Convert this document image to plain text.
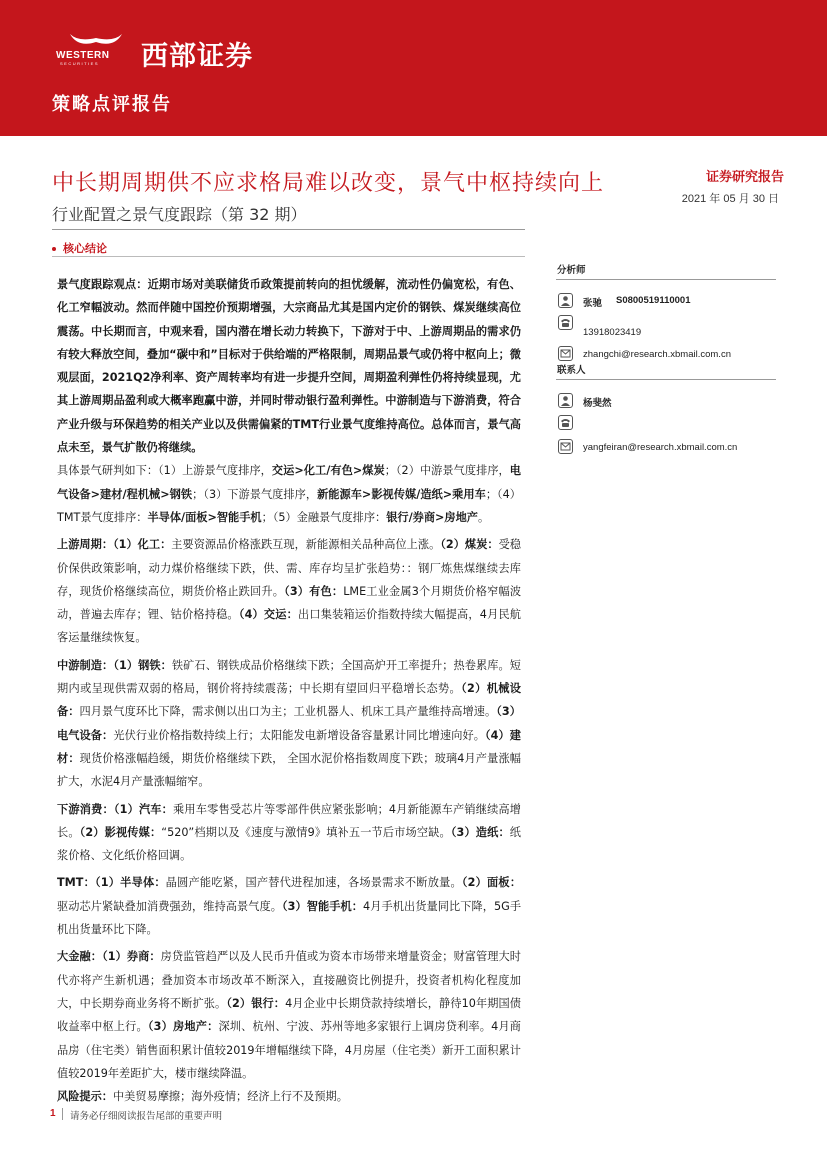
WESTERN
SECURITIES 西部证券
策略点评报告
中长期周期供不应求格局难以改变，景气中枢持续向上
行业配置之景气度跟踪（第 32 期）
证券研究报告
2021 年 05 月 30 日
核心结论

景气度跟踪观点：近期市场对美联储货币政策提前转向的担忧缓解，流动性仍偏宽松，有色、化工窄幅波动。然而伴随中国控价预期增强，大宗商品尤其是国内定价的钢铁、煤炭继续高位震荡。中长期而言，中观来看，国内潜在增长动力转换下，下游对于中、上游周期品的需求仍有较大释放空间，叠加“碳中和”目标对于供给端的严格限制，周期品景气或仍将中枢向上；微观层面，2021Q2净利率、资产周转率均有进一步提升空间，周期盈利弹性仍将持续显现，尤其上游周期品盈利或大概率跑赢中游，并同时带动银行盈利弹性。中游制造与下游消费，符合产业升级与环保趋势的相关产业以及供需偏紧的TMT行业景气度维持高位。总体而言，景气高点未至，景气扩散仍将继续。

具体景气研判如下：（1）上游景气度排序，交运>化工/有色>煤炭；（2）中游景气度排序，电气设备>建材/程机械>钢铁；（3）下游景气度排序，新能源车>影视传媒/造纸>乘用车；（4）TMT景气度排序：半导体/面板>智能手机；（5）金融景气度排序：银行/券商>房地产。

上游周期：（1）化工：主要资源品价格涨跌互现，新能源相关品种高位上涨。（2）煤炭：受稳价保供政策影响，动力煤价格继续下跌，供、需、库存均呈扩张趋势：：钢厂炼焦煤继续去库存，现货价格继续高位，期货价格止跌回升。（3）有色：LME工业金属3个月期货价格窄幅波动，普遍去库存；锂、钴价格持稳。（4）交运：出口集装箱运价指数持续大幅提高，4月民航客运量继续恢复。

中游制造：（1）钢铁：铁矿石、钢铁成品价格继续下跌；全国高炉开工率提升；热卷累库。短期内或呈现供需双弱的格局，钢价将持续震荡；中长期有望回归平稳增长态势。（2）机械设备：四月景气度环比下降，需求侧以出口为主；工业机器人、机床工具产量维持高增速。（3）电气设备：光伏行业价格指数持续上行；太阳能发电新增设备容量累计同比增速向好。（4）建材：现货价格涨幅趋缓，期货价格继续下跌， 全国水泥价格指数周度下跌；玻璃4月产量涨幅扩大，水泥4月产量涨幅缩窄。

下游消费：（1）汽车：乘用车零售受芯片等零部件供应紧张影响；4月新能源车产销继续高增长。（2）影视传媒：“520”档期以及《速度与激情9》填补五一节后市场空缺。（3）造纸：纸浆价格、文化纸价格回调。

TMT：（1）半导体：晶圆产能吃紧，国产替代进程加速，各场景需求不断放量。（2）面板：驱动芯片紧缺叠加消费强劲，维持高景气度。（3）智能手机：4月手机出货量同比下降，5G手机出货量环比下降。

大金融：（1）券商：房贷监管趋严以及人民币升值或为资本市场带来增量资金；财富管理大时代亦将产生新机遇；叠加资本市场改革不断深入，直接融资比例提升，投资者机构化程度加大，中长期券商业务将不断扩张。（2）银行：4月企业中长期贷款持续增长，静待10年期国债收益率中枢上行。（3）房地产：深圳、杭州、宁波、苏州等地多家银行上调房贷利率。4月商品房（住宅类）销售面积累计值较2019年增幅继续下降，4月房屋（住宅类）新开工面积累计值较2019年差距扩大，楼市继续降温。

风险提示：中美贸易摩擦；海外疫情；经济上行不及预期。

分析师
张驰 S0800519110001
13918023419
zhangchi@research.xbmail.com.cn
联系人
杨斐然
yangfeiran@research.xbmail.com.cn
1 请务必仔细阅读报告尾部的重要声明
